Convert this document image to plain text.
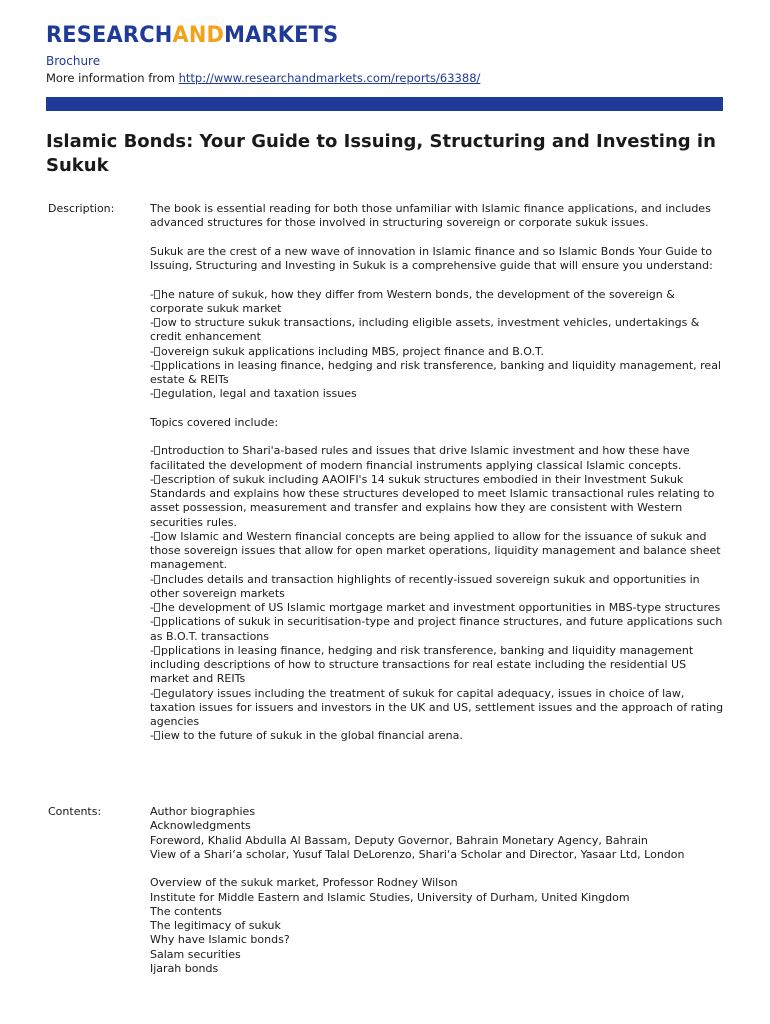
RESEARCHANDMARKETS
Brochure
More information from http://www.researchandmarkets.com/reports/63388/
Islamic Bonds: Your Guide to Issuing, Structuring and Investing in Sukuk
Description:	The book is essential reading for both those unfamiliar with Islamic finance applications, and includes advanced structures for those involved in structuring sovereign or corporate sukuk issues.

Sukuk are the crest of a new wave of innovation in Islamic finance and so Islamic Bonds Your Guide to Issuing, Structuring and Investing in Sukuk is a comprehensive guide that will ensure you understand:

- he nature of sukuk, how they differ from Western bonds, the development of the sovereign & corporate sukuk market
- ow to structure sukuk transactions, including eligible assets, investment vehicles, undertakings & credit enhancement
- overeign sukuk applications including MBS, project finance and B.O.T.
- pplications in leasing finance, hedging and risk transference, banking and liquidity management, real estate & REITs
- egulation, legal and taxation issues

Topics covered include:

- ntroduction to Shari'a-based rules and issues that drive Islamic investment and how these have facilitated the development of modern financial instruments applying classical Islamic concepts.
- escription of sukuk including AAOIFI's 14 sukuk structures embodied in their Investment Sukuk Standards and explains how these structures developed to meet Islamic transactional rules relating to asset possession, measurement and transfer and explains how they are consistent with Western securities rules.
- ow Islamic and Western financial concepts are being applied to allow for the issuance of sukuk and those sovereign issues that allow for open market operations, liquidity management and balance sheet management.
- ncludes details and transaction highlights of recently-issued sovereign sukuk and opportunities in other sovereign markets
- he development of US Islamic mortgage market and investment opportunities in MBS-type structures
- pplications of sukuk in securitisation-type and project finance structures, and future applications such as B.O.T. transactions
- pplications in leasing finance, hedging and risk transference, banking and liquidity management including descriptions of how to structure transactions for real estate including the residential US market and REITs
- egulatory issues including the treatment of sukuk for capital adequacy, issues in choice of law, taxation issues for issuers and investors in the UK and US, settlement issues and the approach of rating agencies
- iew to the future of sukuk in the global financial arena.

Contents:	Author biographies
Acknowledgments
Foreword, Khalid Abdulla Al Bassam, Deputy Governor, Bahrain Monetary Agency, Bahrain
View of a Shari‘a scholar, Yusuf Talal DeLorenzo, Shari‘a Scholar and Director, Yasaar Ltd, London

Overview of the sukuk market, Professor Rodney Wilson
Institute for Middle Eastern and Islamic Studies, University of Durham, United Kingdom
The contents
The legitimacy of sukuk
Why have Islamic bonds?
Salam securities
Ijarah bonds
